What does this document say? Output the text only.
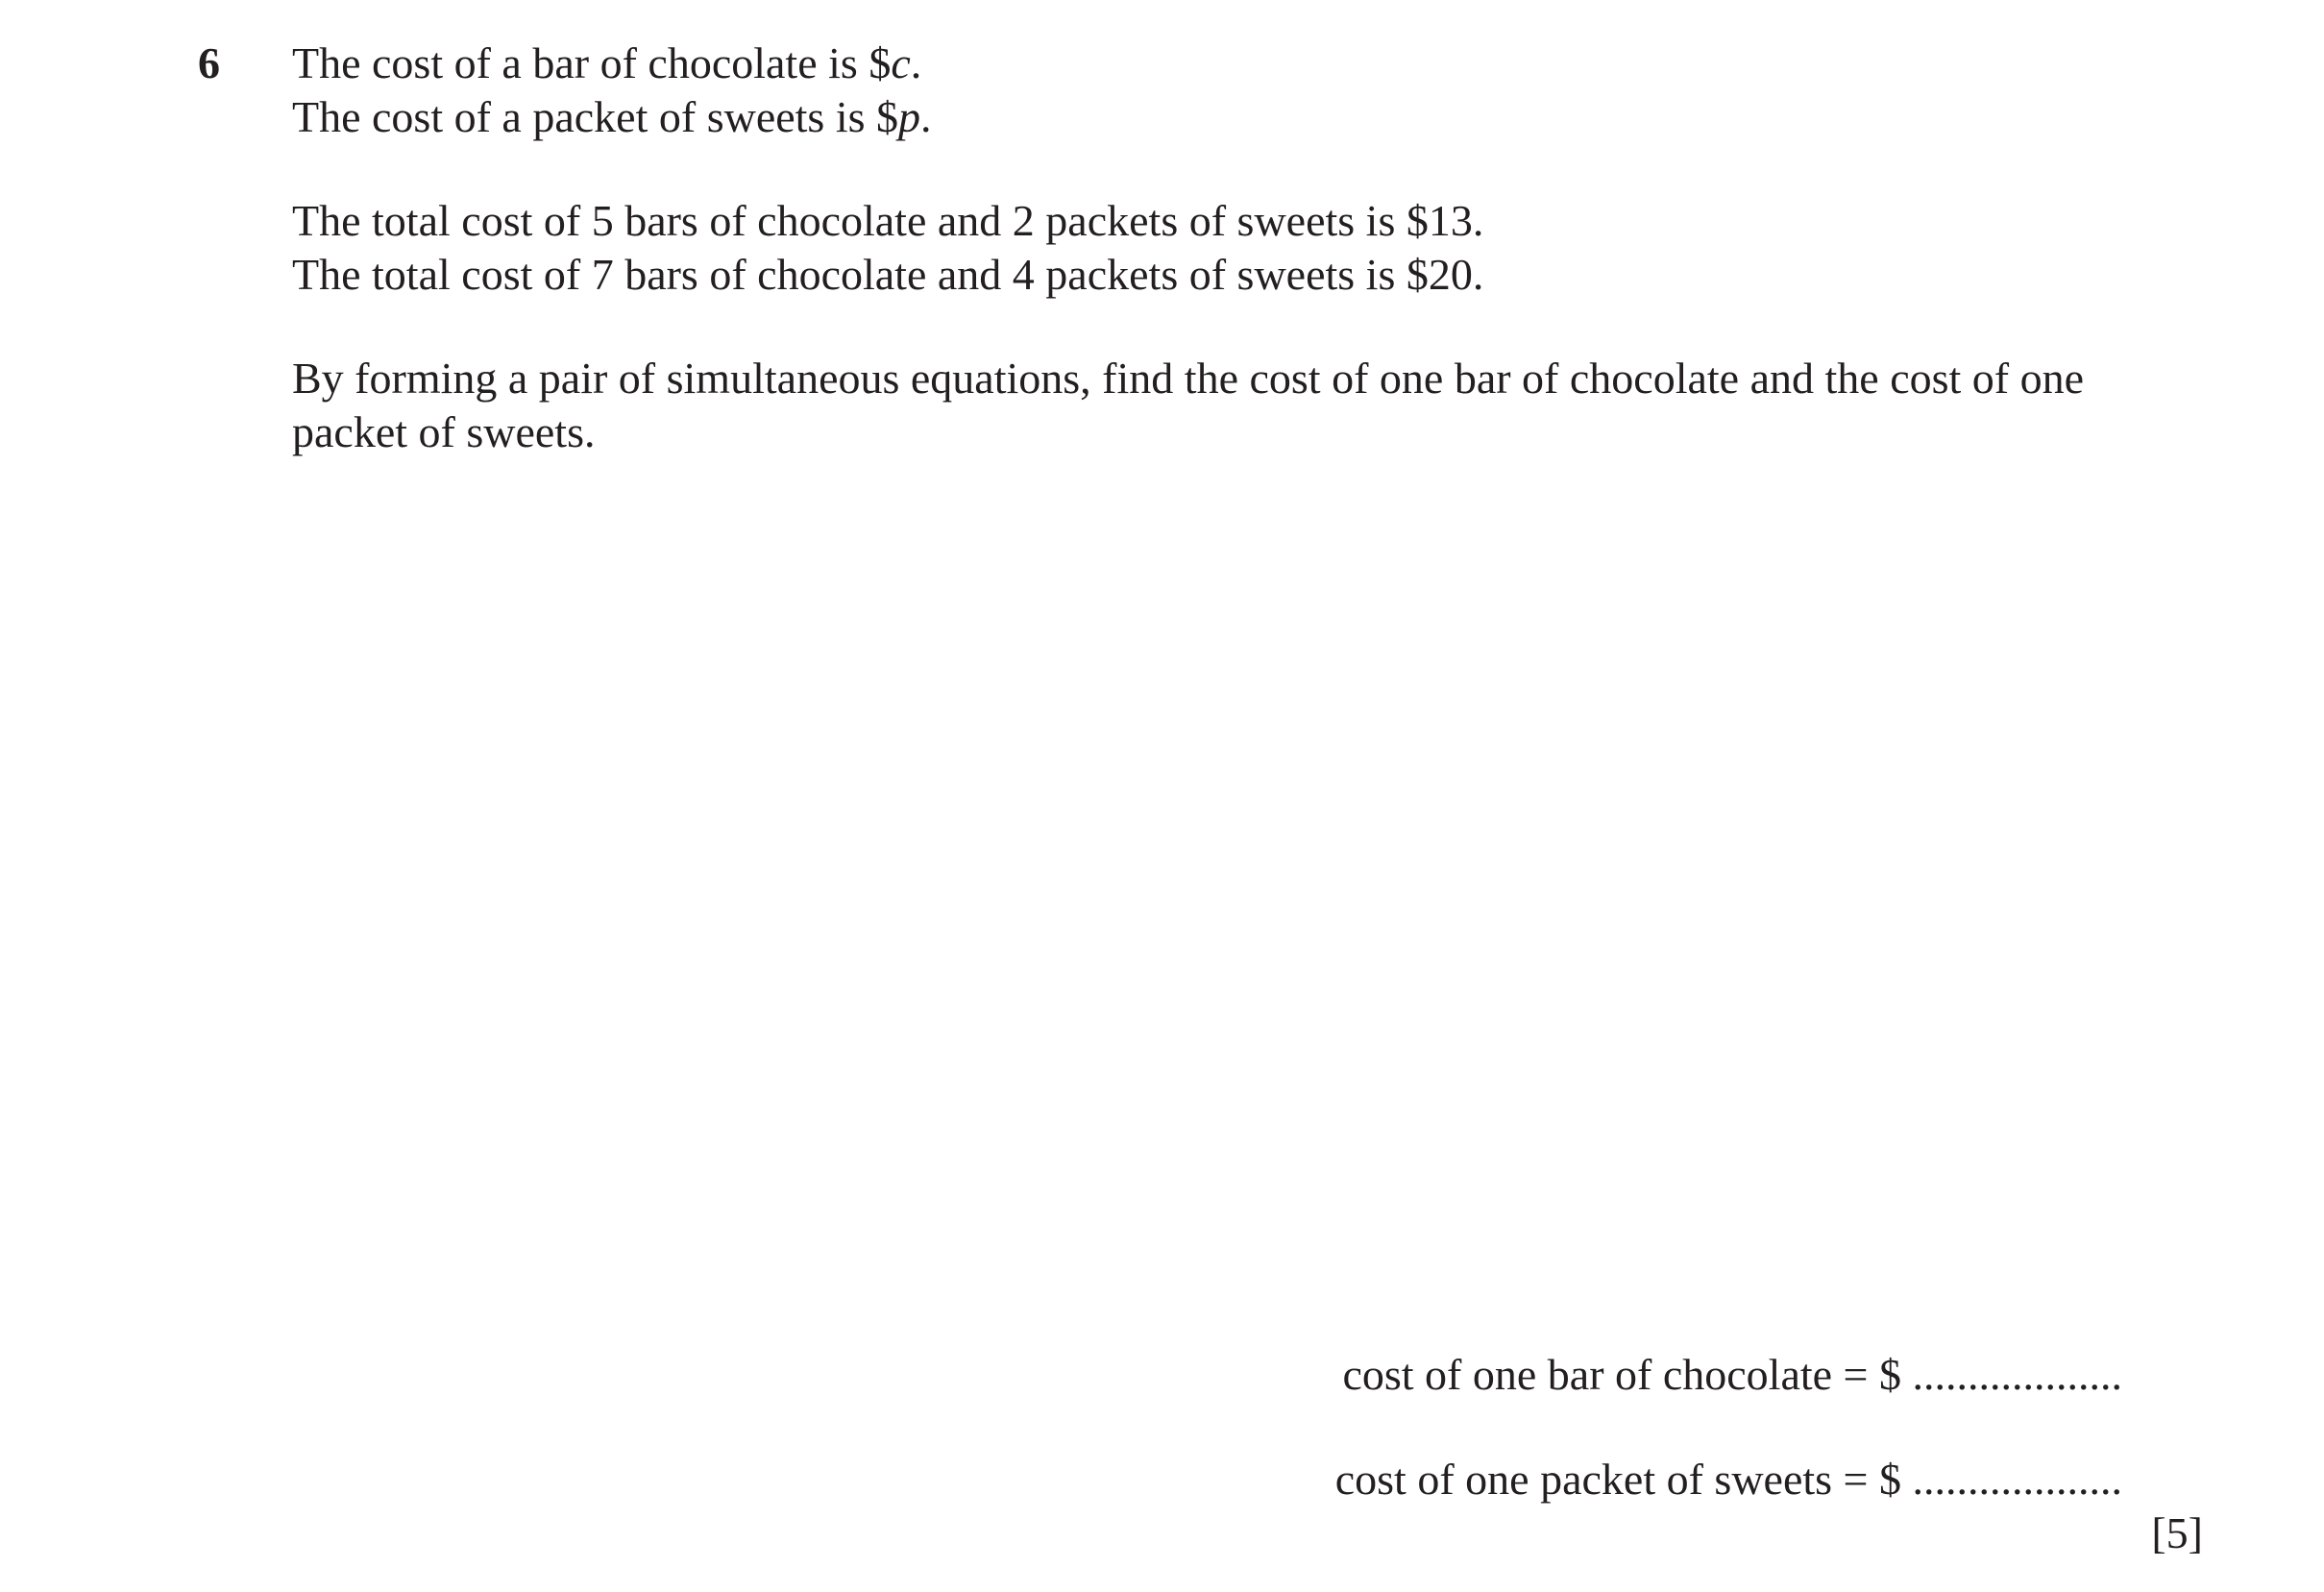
6 The cost of a bar of chocolate is $c.
The cost of a packet of sweets is $p.

The total cost of 5 bars of chocolate and 2 packets of sweets is $13.
The total cost of 7 bars of chocolate and 4 packets of sweets is $20.

By forming a pair of simultaneous equations, find the cost of one bar of chocolate and the cost of one
packet of sweets.

cost of one bar of chocolate = $ ...................
cost of one packet of sweets = $ ...................
[5]
